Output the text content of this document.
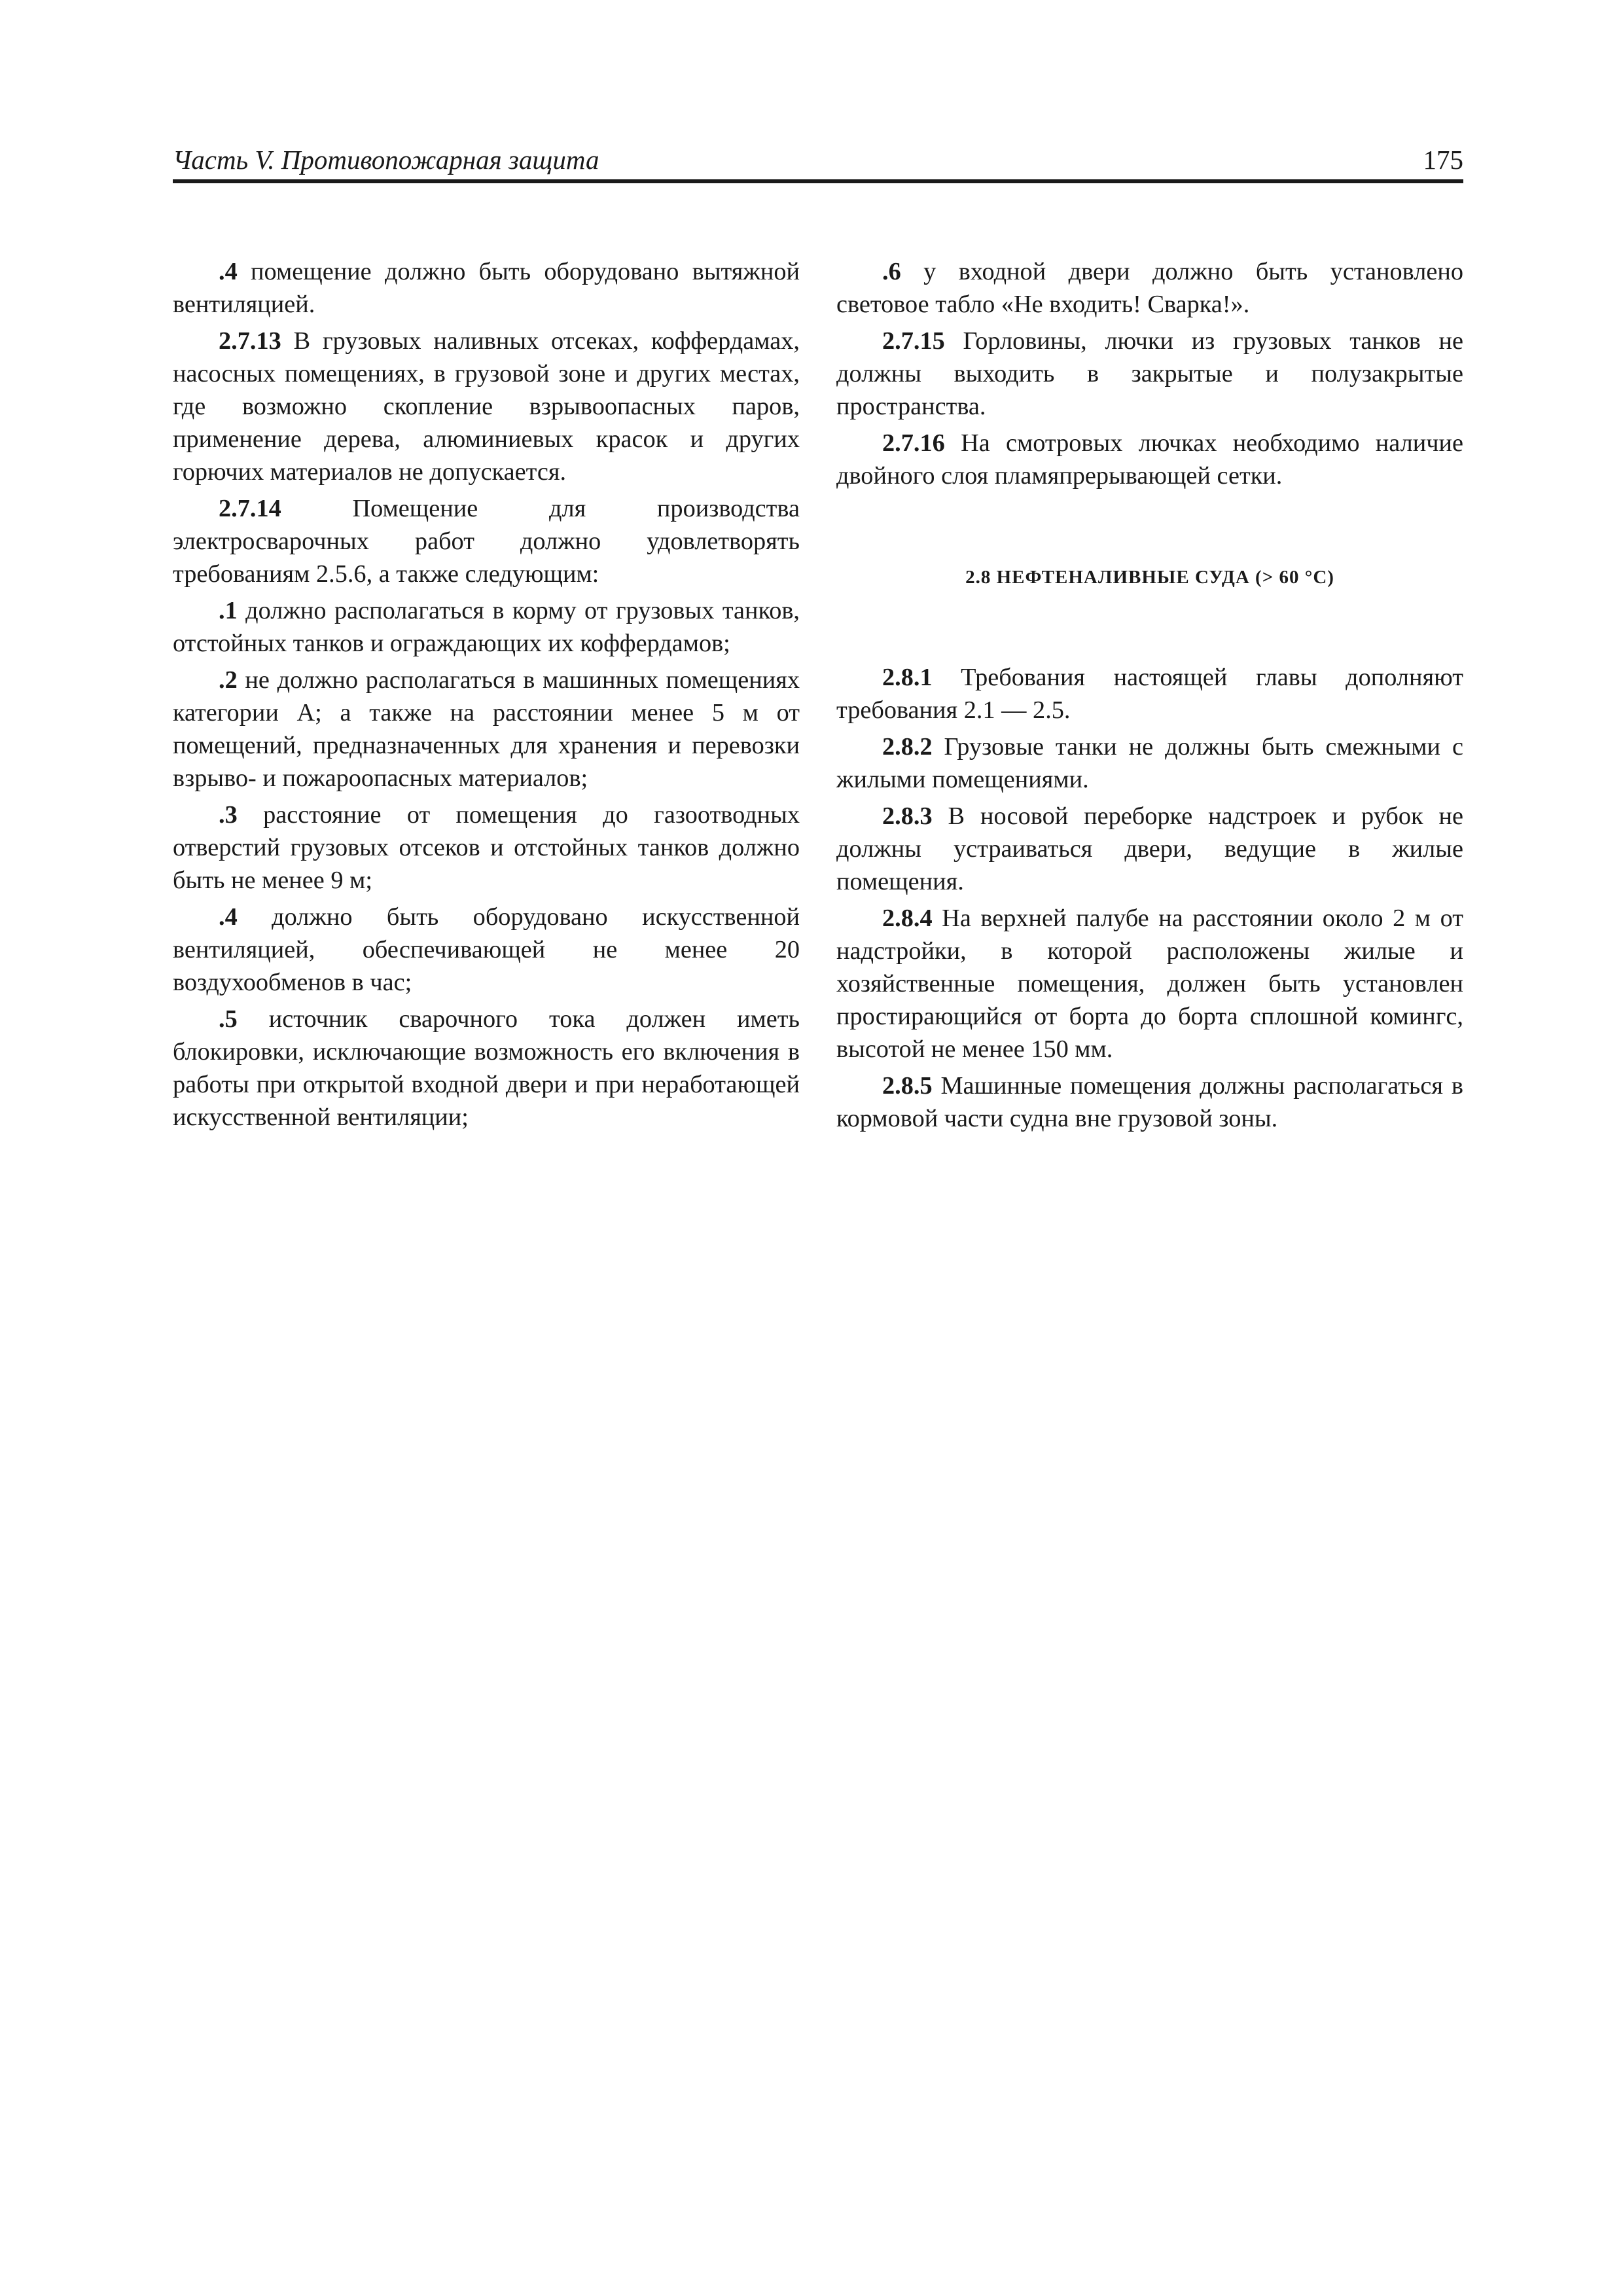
Часть V. Противопожарная защита	175

.4 помещение должно быть оборудовано вытяжной вентиляцией.

2.7.13 В грузовых наливных отсеках, коффердамах, насосных помещениях, в грузовой зоне и других местах, где возможно скопление взрывоопасных паров, применение дерева, алюминиевых красок и других горючих материалов не допускается.

2.7.14 Помещение для производства электросварочных работ должно удовлетворять требованиям 2.5.6, а также следующим:

.1 должно располагаться в корму от грузовых танков, отстойных танков и ограждающих их коффердамов;

.2 не должно располагаться в машинных помещениях категории А; а также на расстоянии менее 5 м от помещений, предназначенных для хранения и перевозки взрыво- и пожароопасных материалов;

.3 расстояние от помещения до газоотводных отверстий грузовых отсеков и отстойных танков должно быть не менее 9 м;

.4 должно быть оборудовано искусственной вентиляцией, обеспечивающей не менее 20 воздухообменов в час;

.5 источник сварочного тока должен иметь блокировки, исключающие возможность его включения в работы при открытой входной двери и при неработающей искусственной вентиляции;

.6 у входной двери должно быть установлено световое табло «Не входить! Сварка!».

2.7.15 Горловины, лючки из грузовых танков не должны выходить в закрытые и полузакрытые пространства.

2.7.16 На смотровых лючках необходимо наличие двойного слоя пламяпрерывающей сетки.

2.8 НЕФТЕНАЛИВНЫЕ СУДА (> 60 °С)

2.8.1 Требования настоящей главы дополняют требования 2.1 — 2.5.

2.8.2 Грузовые танки не должны быть смежными с жилыми помещениями.

2.8.3 В носовой переборке надстроек и рубок не должны устраиваться двери, ведущие в жилые помещения.

2.8.4 На верхней палубе на расстоянии около 2 м от надстройки, в которой расположены жилые и хозяйственные помещения, должен быть установлен простирающийся от борта до борта сплошной комингс, высотой не менее 150 мм.

2.8.5 Машинные помещения должны располагаться в кормовой части судна вне грузовой зоны.
